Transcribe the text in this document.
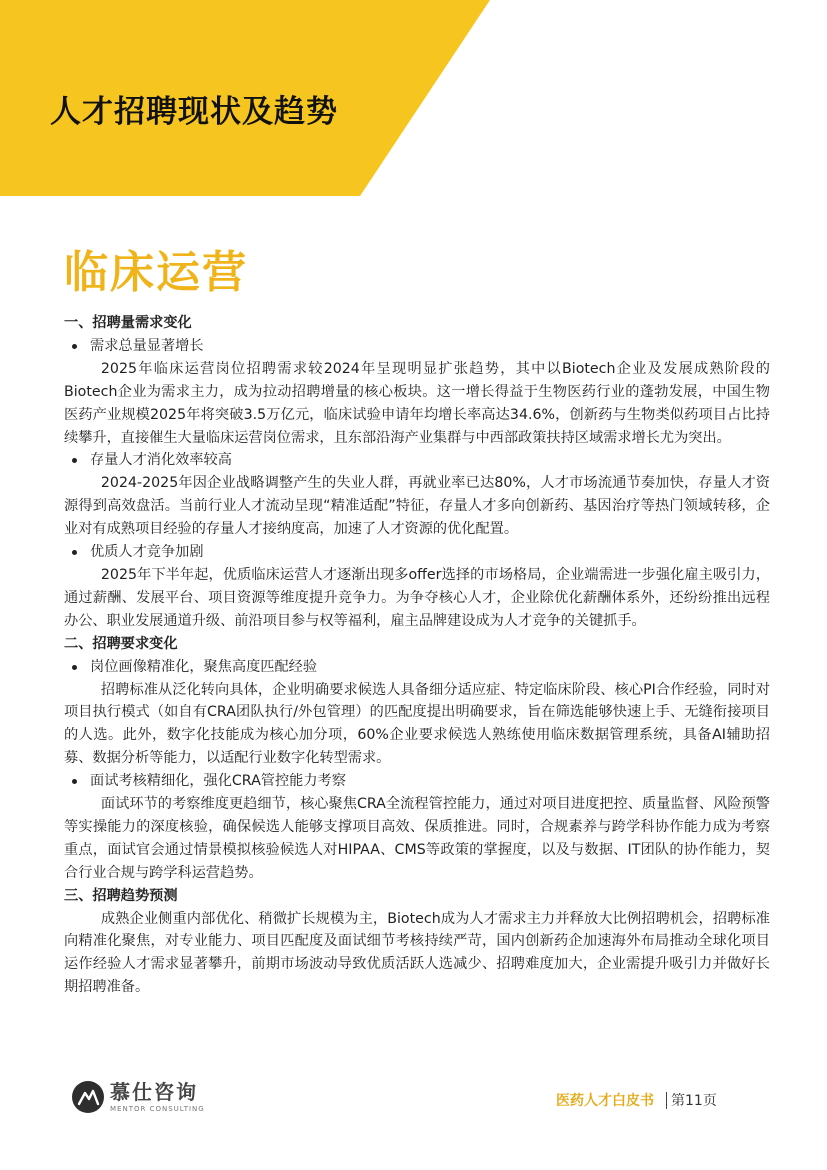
人才招聘现状及趋势
临床运营

一、招聘量需求变化

需求总量显著增长

2025年临床运营岗位招聘需求较2024年呈现明显扩张趋势，其中以Biotech企业及发展成熟阶段的Biotech企业为需求主力，成为拉动招聘增量的核心板块。这一增长得益于生物医药行业的蓬勃发展，中国生物医药产业规模2025年将突破3.5万亿元，临床试验申请年均增长率高达34.6%，创新药与生物类似药项目占比持续攀升，直接催生大量临床运营岗位需求，且东部沿海产业集群与中西部政策扶持区域需求增长尤为突出。

存量人才消化效率较高

2024-2025年因企业战略调整产生的失业人群，再就业率已达80%，人才市场流通节奏加快，存量人才资源得到高效盘活。当前行业人才流动呈现“精准适配”特征，存量人才多向创新药、基因治疗等热门领域转移，企业对有成熟项目经验的存量人才接纳度高，加速了人才资源的优化配置。

优质人才竞争加剧

2025年下半年起，优质临床运营人才逐渐出现多offer选择的市场格局，企业端需进一步强化雇主吸引力，通过薪酬、发展平台、项目资源等维度提升竞争力。为争夺核心人才，企业除优化薪酬体系外，还纷纷推出远程办公、职业发展通道升级、前沿项目参与权等福利，雇主品牌建设成为人才竞争的关键抓手。

二、招聘要求变化

岗位画像精准化，聚焦高度匹配经验

招聘标准从泛化转向具体，企业明确要求候选人具备细分适应症、特定临床阶段、核心PI合作经验，同时对项目执行模式（如自有CRA团队执行/外包管理）的匹配度提出明确要求，旨在筛选能够快速上手、无缝衔接项目的人选。此外，数字化技能成为核心加分项，60%企业要求候选人熟练使用临床数据管理系统，具备AI辅助招募、数据分析等能力，以适配行业数字化转型需求。

面试考核精细化，强化CRA管控能力考察

面试环节的考察维度更趋细节，核心聚焦CRA全流程管控能力，通过对项目进度把控、质量监督、风险预警等实操能力的深度核验，确保候选人能够支撑项目高效、保质推进。同时，合规素养与跨学科协作能力成为考察重点，面试官会通过情景模拟核验候选人对HIPAA、CMS等政策的掌握度，以及与数据、IT团队的协作能力，契合行业合规与跨学科运营趋势。

三、招聘趋势预测

成熟企业侧重内部优化、稍微扩长规模为主，Biotech成为人才需求主力并释放大比例招聘机会，招聘标准向精准化聚焦，对专业能力、项目匹配度及面试细节考核持续严苛，国内创新药企加速海外布局推动全球化项目运作经验人才需求显著攀升，前期市场波动导致优质活跃人选减少、招聘难度加大，企业需提升吸引力并做好长期招聘准备。

慕仕咨询
MENTOR CONSULTING	医药人才白皮书 第11页
